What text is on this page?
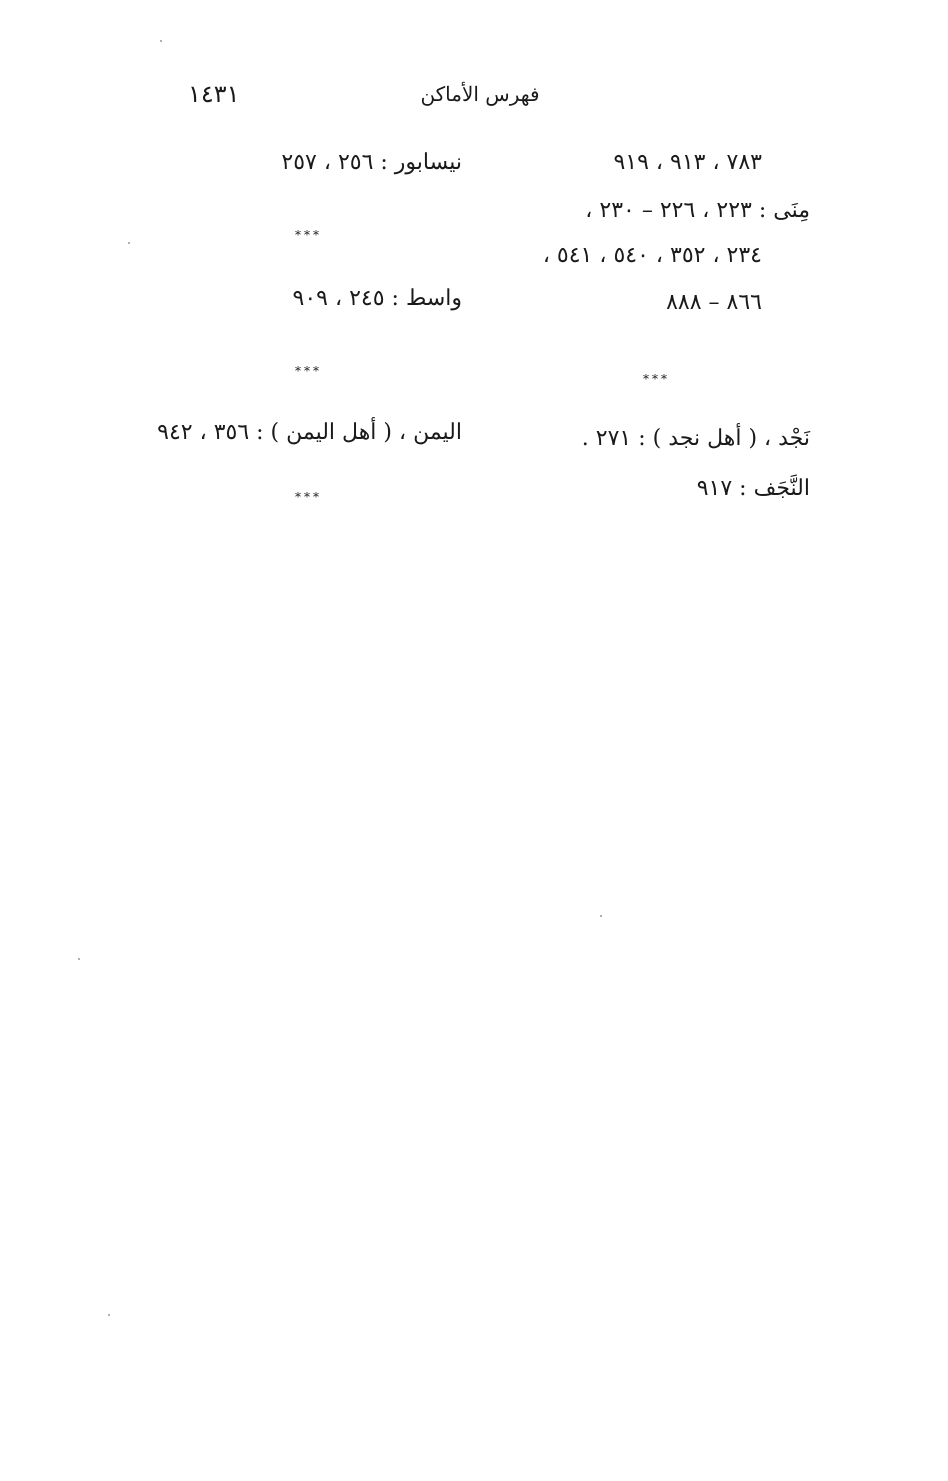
١٣٤١	فهرس الأماكن
٧٨٣ ، ٩١٣ ، ٩١٩
مِنَى : ٢٢٣ ، ٢٢٦ – ٢٣٠ ،
٢٣٤ ، ٣٥٢ ، ٥٤٠ ، ٥٤١ ،
٨٦٦ – ٨٨٨
***
نَجْد ، ( أهل نجد ) : ٢٧١ .
النَّجَف : ٩١٧
نيسابور : ٢٥٦ ، ٢٥٧
***
واسط : ٢٤٥ ، ٩٠٩
***
اليمن ، ( أهل اليمن ) : ٣٥٦ ، ٩٤٢
***
